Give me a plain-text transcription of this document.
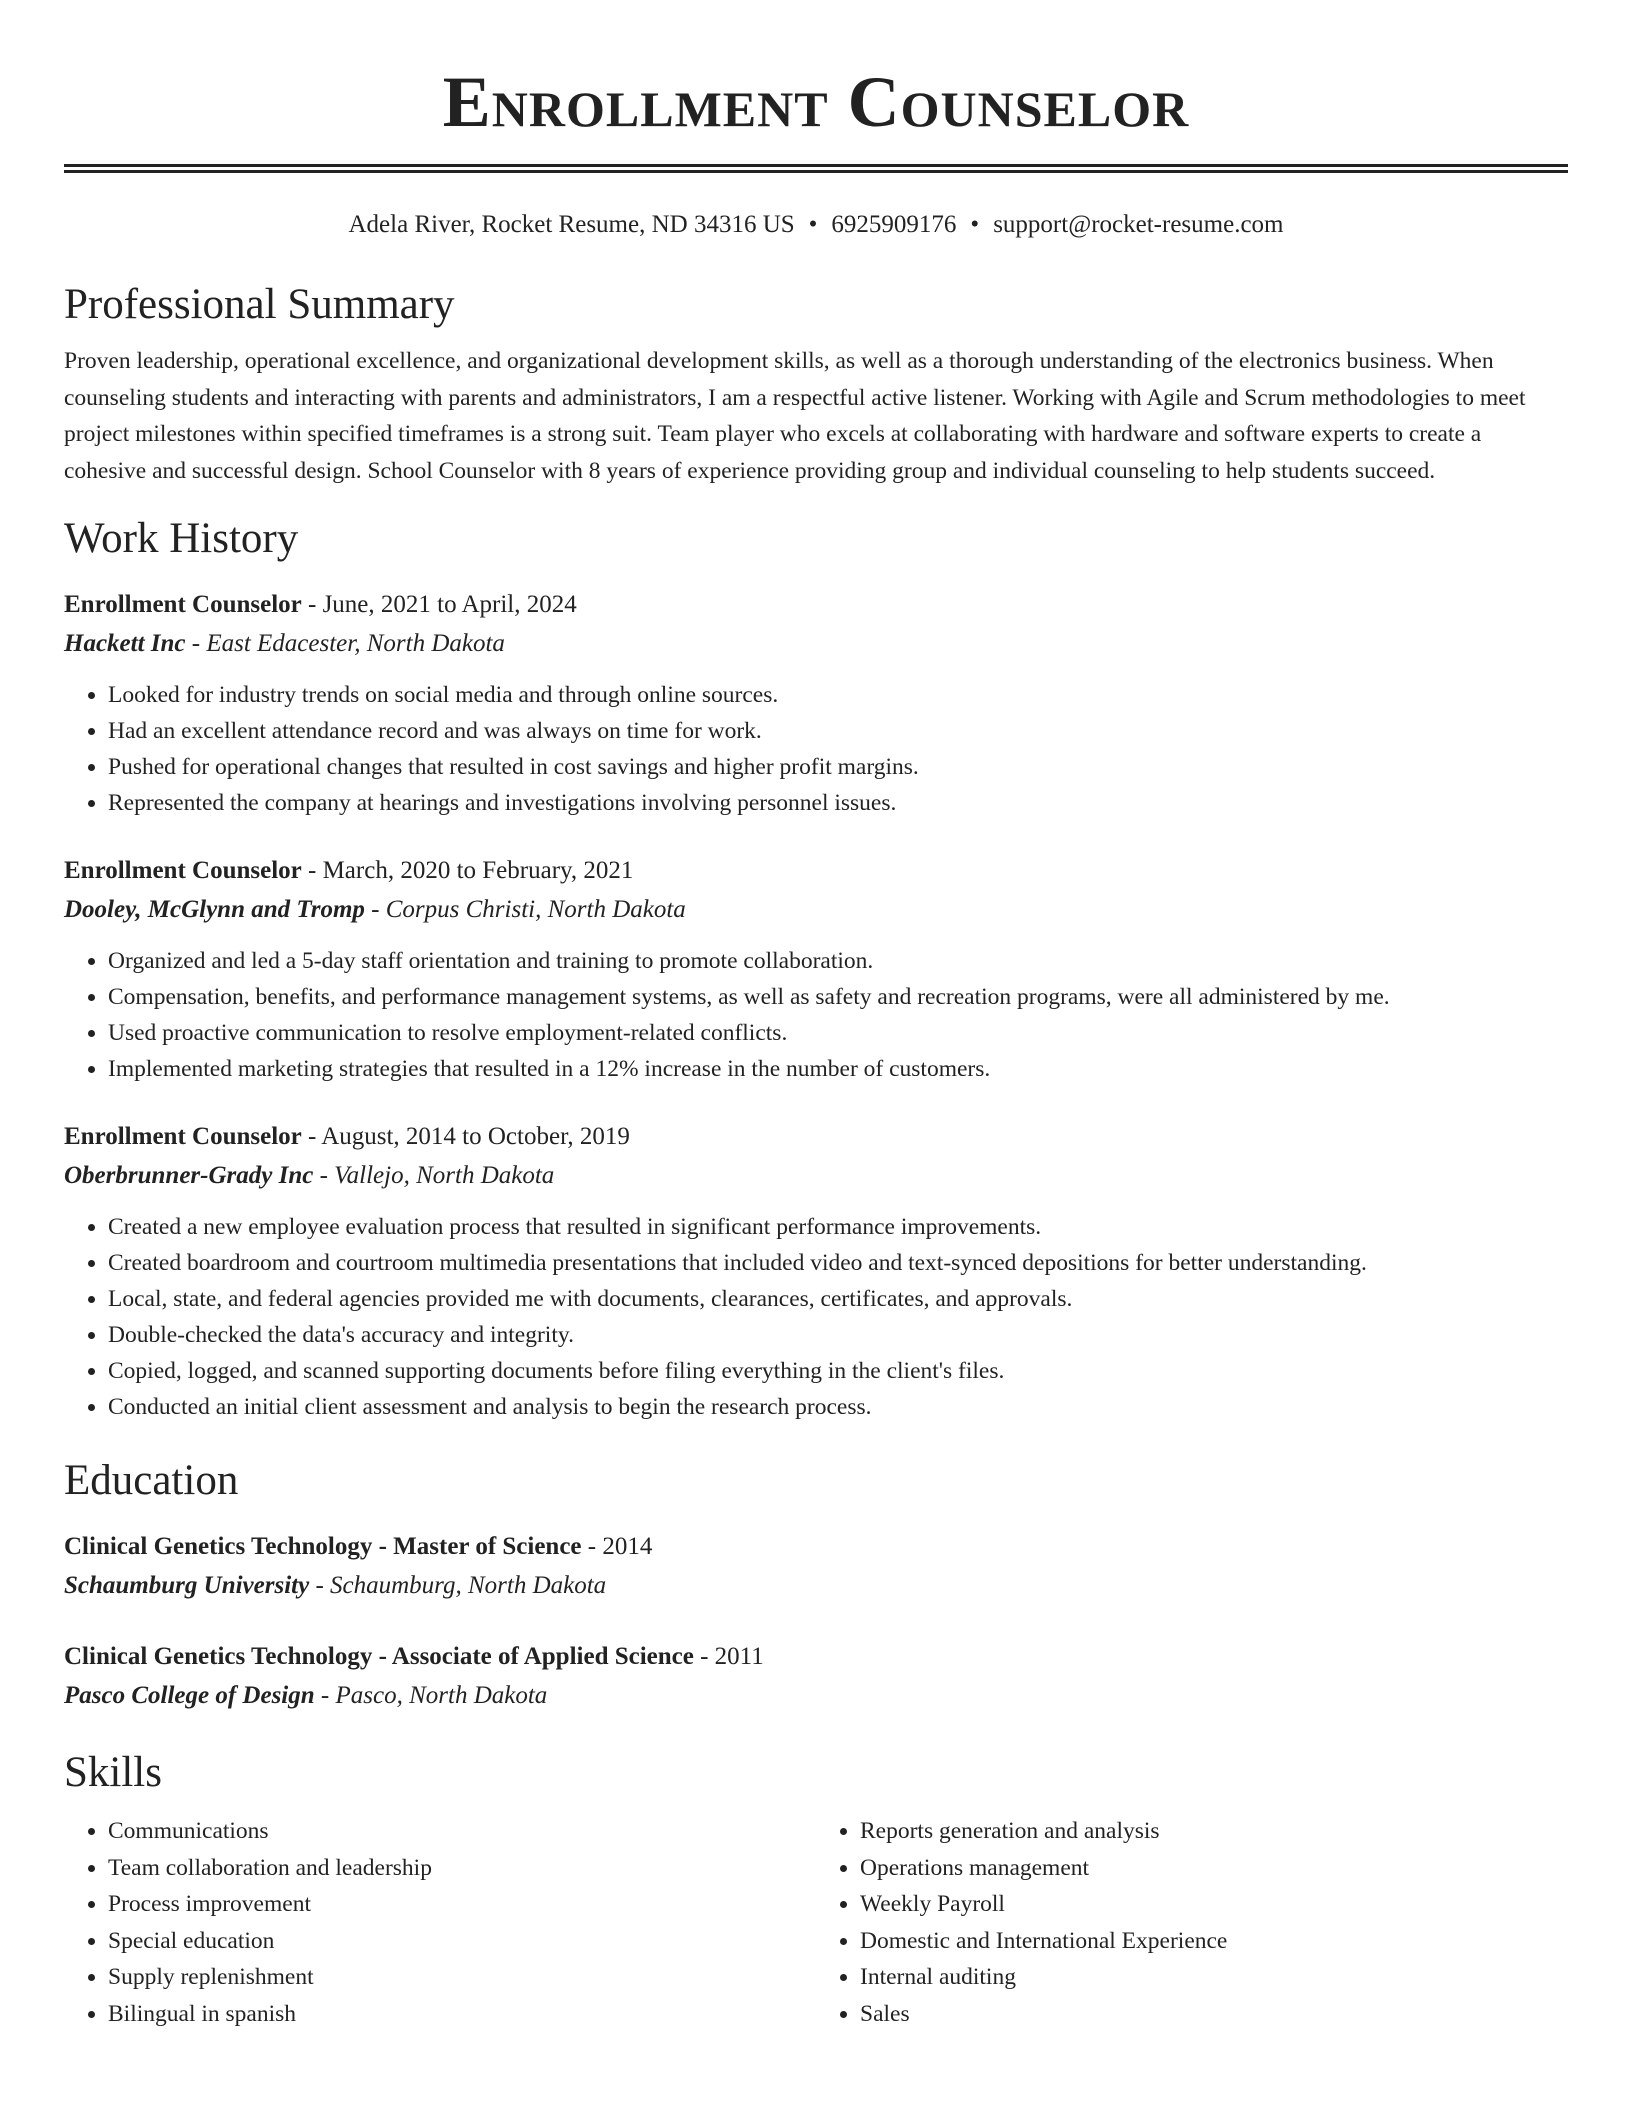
Enrollment Counselor
Adela River, Rocket Resume, ND 34316 US • 6925909176 • support@rocket-resume.com
Professional Summary

Proven leadership, operational excellence, and organizational development skills, as well as a thorough understanding of the electronics business. When counseling students and interacting with parents and administrators, I am a respectful active listener. Working with Agile and Scrum methodologies to meet project milestones within specified timeframes is a strong suit. Team player who excels at collaborating with hardware and software experts to create a cohesive and successful design. School Counselor with 8 years of experience providing group and individual counseling to help students succeed.

Work History
Enrollment Counselor - June, 2021 to April, 2024
Hackett Inc - East Edacester, North Dakota
• Looked for industry trends on social media and through online sources.
• Had an excellent attendance record and was always on time for work.
• Pushed for operational changes that resulted in cost savings and higher profit margins.
• Represented the company at hearings and investigations involving personnel issues.
Enrollment Counselor - March, 2020 to February, 2021
Dooley, McGlynn and Tromp - Corpus Christi, North Dakota
• Organized and led a 5-day staff orientation and training to promote collaboration.
• Compensation, benefits, and performance management systems, as well as safety and recreation programs, were all administered by me.
• Used proactive communication to resolve employment-related conflicts.
• Implemented marketing strategies that resulted in a 12% increase in the number of customers.
Enrollment Counselor - August, 2014 to October, 2019
Oberbrunner-Grady Inc - Vallejo, North Dakota
• Created a new employee evaluation process that resulted in significant performance improvements.
• Created boardroom and courtroom multimedia presentations that included video and text-synced depositions for better understanding.
• Local, state, and federal agencies provided me with documents, clearances, certificates, and approvals.
• Double-checked the data's accuracy and integrity.
• Copied, logged, and scanned supporting documents before filing everything in the client's files.
• Conducted an initial client assessment and analysis to begin the research process.
Education
Clinical Genetics Technology - Master of Science - 2014
Schaumburg University - Schaumburg, North Dakota
Clinical Genetics Technology - Associate of Applied Science - 2011
Pasco College of Design - Pasco, North Dakota
Skills
• Communications
• Team collaboration and leadership
• Process improvement
• Special education
• Supply replenishment
• Bilingual in spanish
• Reports generation and analysis
• Operations management
• Weekly Payroll
• Domestic and International Experience
• Internal auditing
• Sales
